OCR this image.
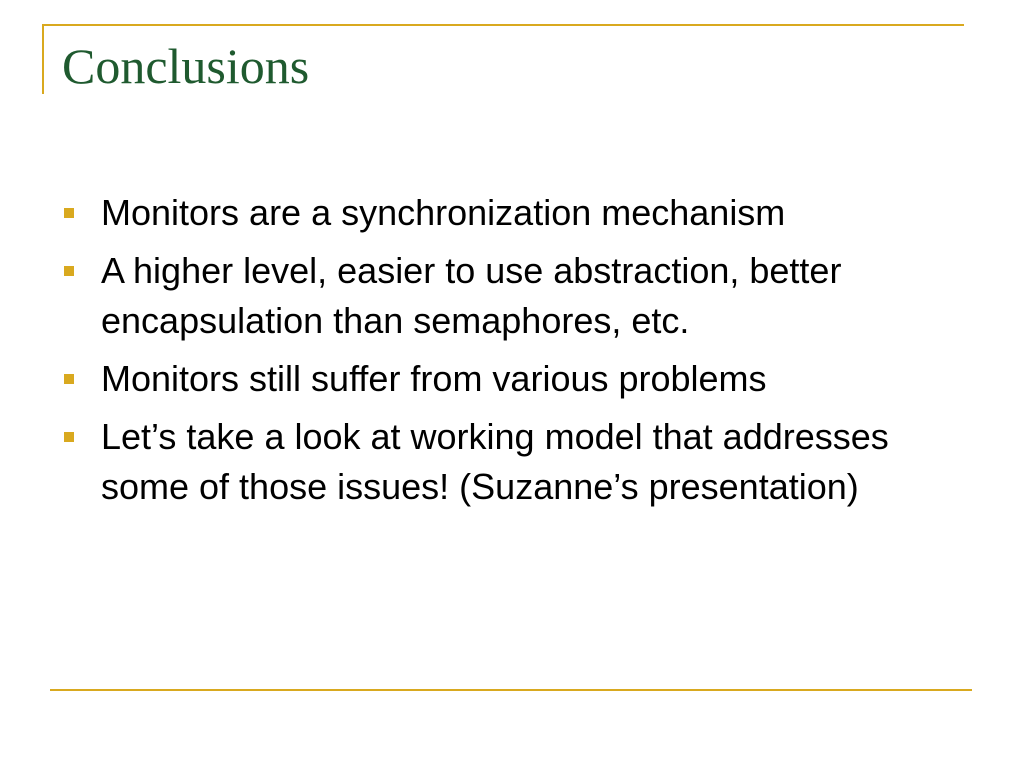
Conclusions
Monitors are a synchronization mechanism
A higher level, easier to use abstraction, better encapsulation than semaphores, etc.
Monitors still suffer from various problems
Let’s take a look at working model that addresses some of those issues! (Suzanne’s presentation)
